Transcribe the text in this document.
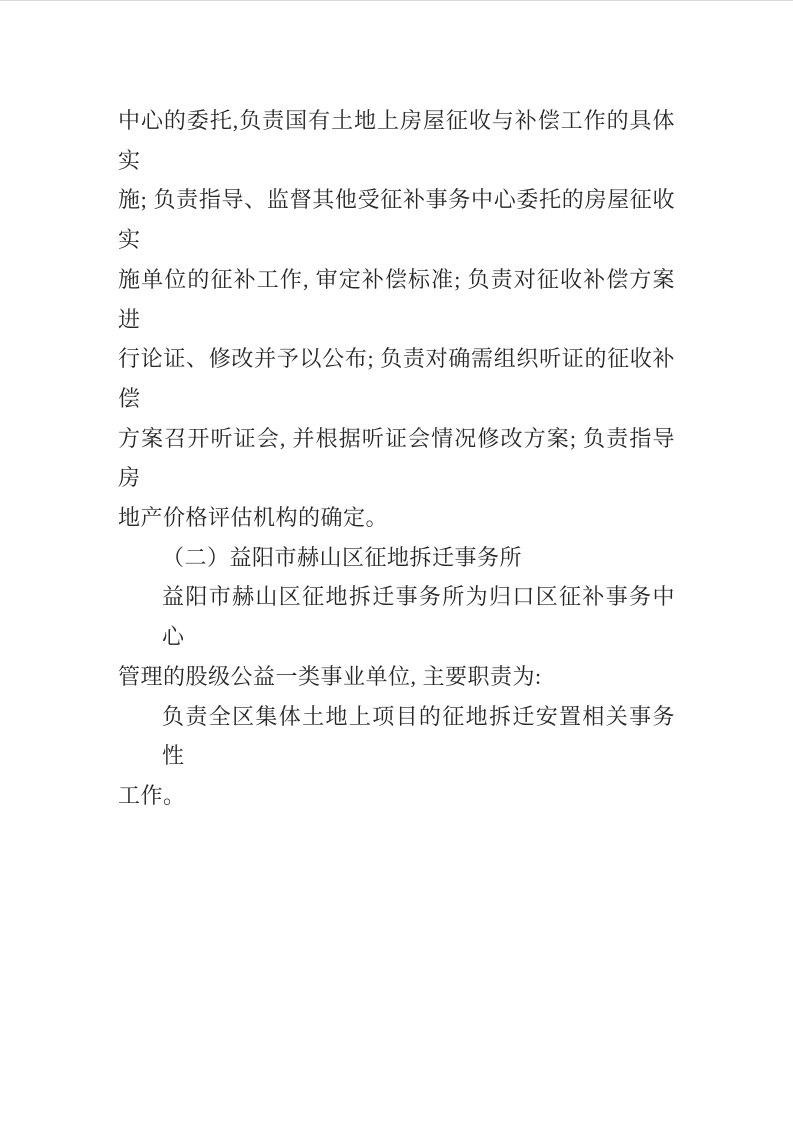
中心的委托,负责国有土地上房屋征收与补偿工作的具体实
施; 负责指导、监督其他受征补事务中心委托的房屋征收实
施单位的征补工作, 审定补偿标准; 负责对征收补偿方案进
行论证、修改并予以公布; 负责对确需组织听证的征收补偿
方案召开听证会, 并根据听证会情况修改方案; 负责指导房
地产价格评估机构的确定。
（二）益阳市赫山区征地拆迁事务所
益阳市赫山区征地拆迁事务所为归口区征补事务中心
管理的股级公益一类事业单位, 主要职责为:
负责全区集体土地上项目的征地拆迁安置相关事务性
工作。
